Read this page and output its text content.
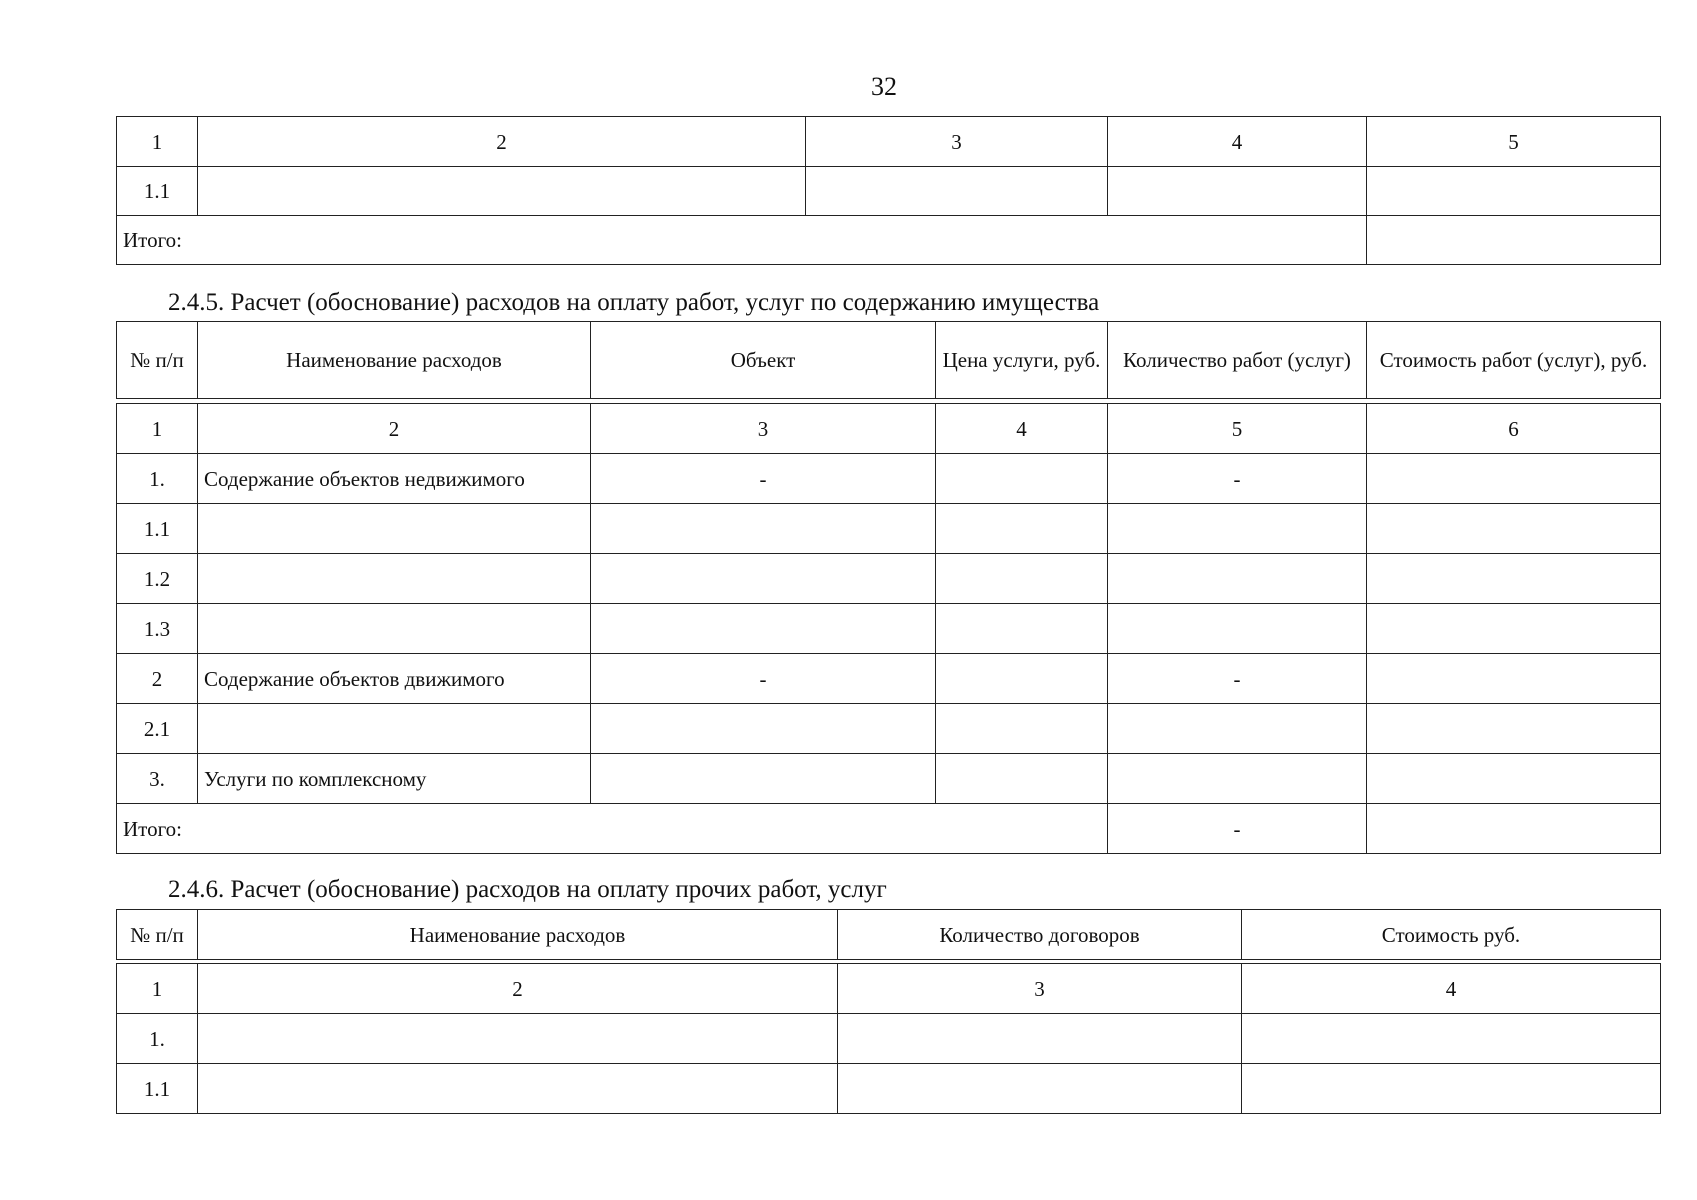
32
1	2	3	4	5
1.1				
Итого:				
2.4.5. Расчет (обоснование) расходов на оплату работ, услуг по содержанию имущества
№ п/п	Наименование расходов	Объект	Цена услуги, руб.	Количество работ (услуг)	Стоимость работ (услуг), руб.
1	2	3	4	5	6
1.	Содержание объектов недвижимого	-		-	
1.1					
1.2					
1.3					
2	Содержание объектов движимого	-		-	
2.1					
3.	Услуги по комплексному				
Итого:				-	
2.4.6. Расчет (обоснование) расходов на оплату прочих работ, услуг
№ п/п	Наименование расходов	Количество договоров	Стоимость руб.
1	2	3	4
1.			
1.1			
